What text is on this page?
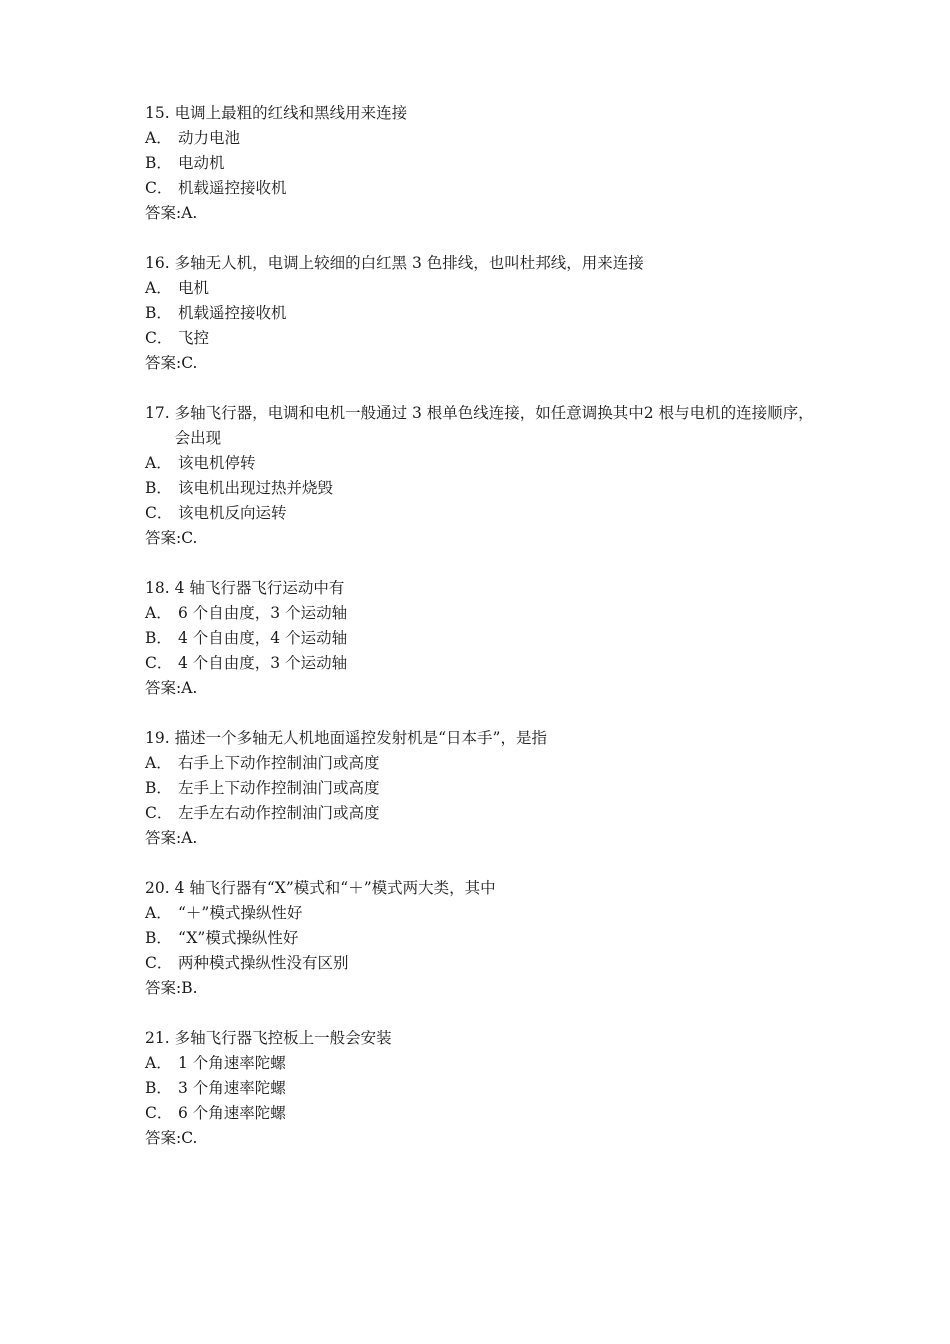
15.
电调上最粗的红线和黑线用来连接
A． 动力电池
B． 电动机
C． 机载遥控接收机
答案:A.
16.
多轴无人机，电调上较细的白红黑 3 色排线，也叫杜邦线，用来连接
A． 电机
B． 机载遥控接收机
C． 飞控
答案:C.
17.
多轴飞行器，电调和电机一般通过 3 根单色线连接，如任意调换其中2 根与电机的连接顺序，会出现
A． 该电机停转
B． 该电机出现过热并烧毁
C． 该电机反向运转
答案:C.
18.
4 轴飞行器飞行运动中有
A． 6 个自由度，3 个运动轴
B． 4 个自由度，4 个运动轴
C． 4 个自由度，3 个运动轴
答案:A.
19.
描述一个多轴无人机地面遥控发射机是“日本手”，是指
A． 右手上下动作控制油门或高度
B． 左手上下动作控制油门或高度
C． 左手左右动作控制油门或高度
答案:A.
20.
4 轴飞行器有“X”模式和“＋”模式两大类，其中
A． “＋”模式操纵性好
B． “X”模式操纵性好
C． 两种模式操纵性没有区别
答案:B.
21.
多轴飞行器飞控板上一般会安装
A． 1 个角速率陀螺
B． 3 个角速率陀螺
C． 6 个角速率陀螺
答案:C.
